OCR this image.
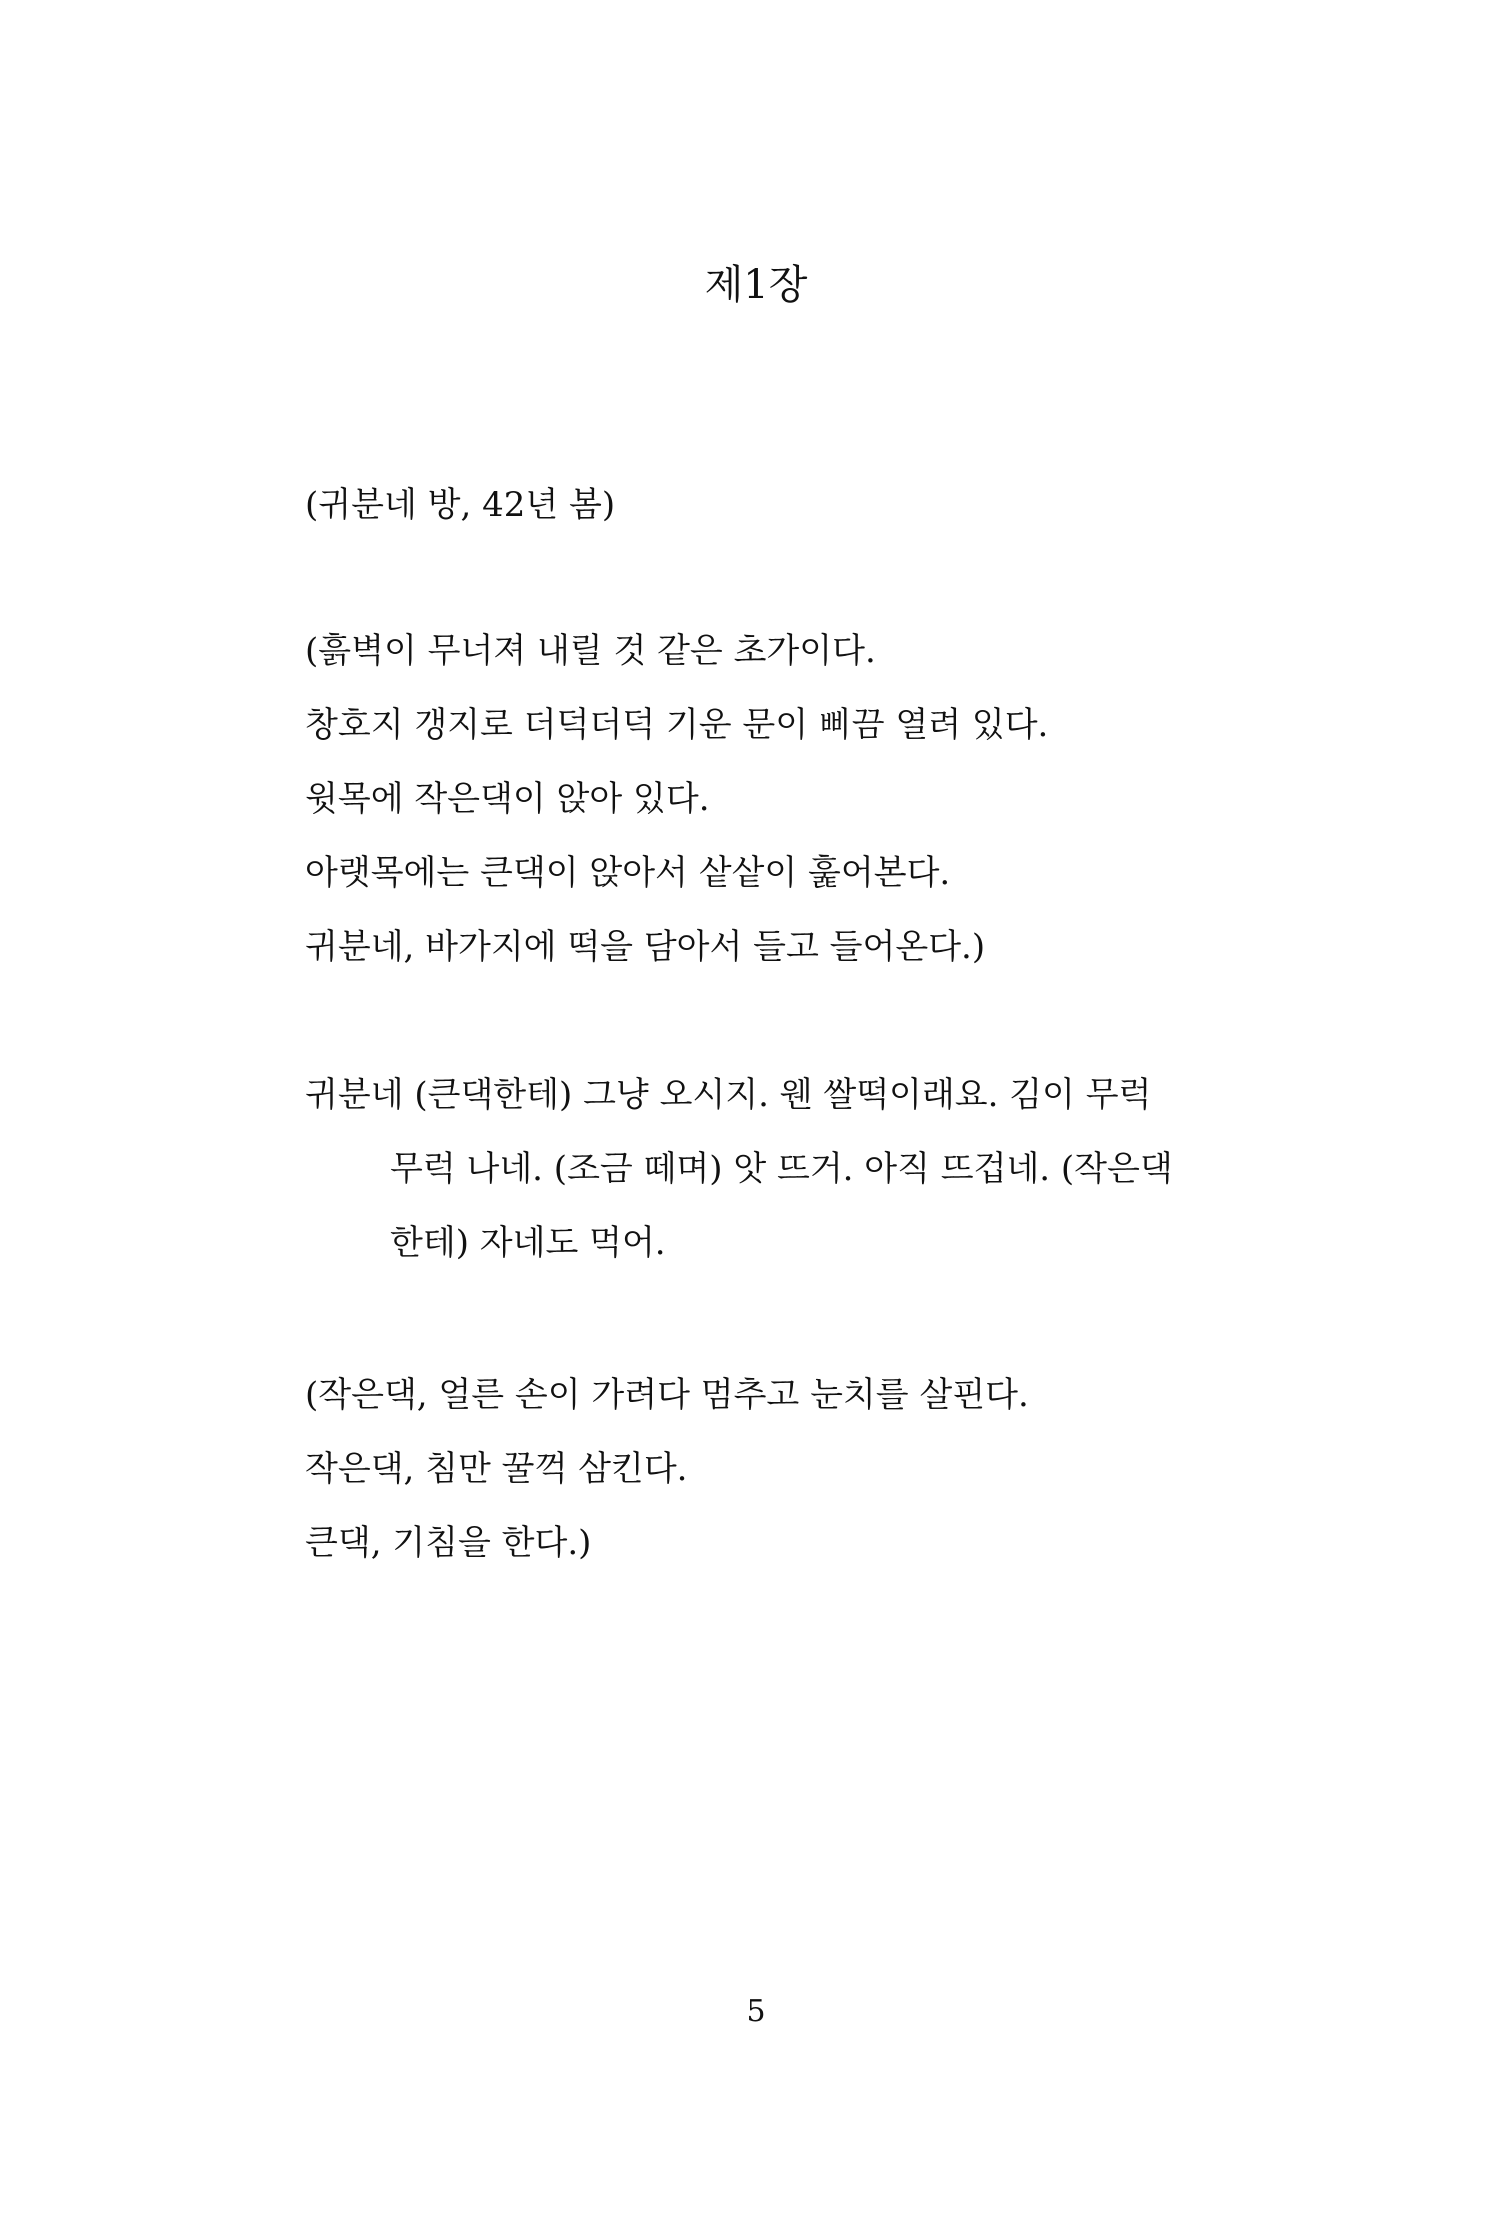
제1장
(귀분네 방, 42년 봄)
(흙벽이 무너져 내릴 것 같은 초가이다.
창호지 갱지로 더덕더덕 기운 문이 삐끔 열려 있다.
윗목에 작은댁이 앉아 있다.
아랫목에는 큰댁이 앉아서 샅샅이 훑어본다.
귀분네, 바가지에 떡을 담아서 들고 들어온다.)
귀분네 (큰댁한테) 그냥 오시지. 웬 쌀떡이래요. 김이 무럭
무럭 나네. (조금 떼며) 앗 뜨거. 아직 뜨겁네. (작은댁
한테) 자네도 먹어.
(작은댁, 얼른 손이 가려다 멈추고 눈치를 살핀다.
작은댁, 침만 꿀꺽 삼킨다.
큰댁, 기침을 한다.)
5
